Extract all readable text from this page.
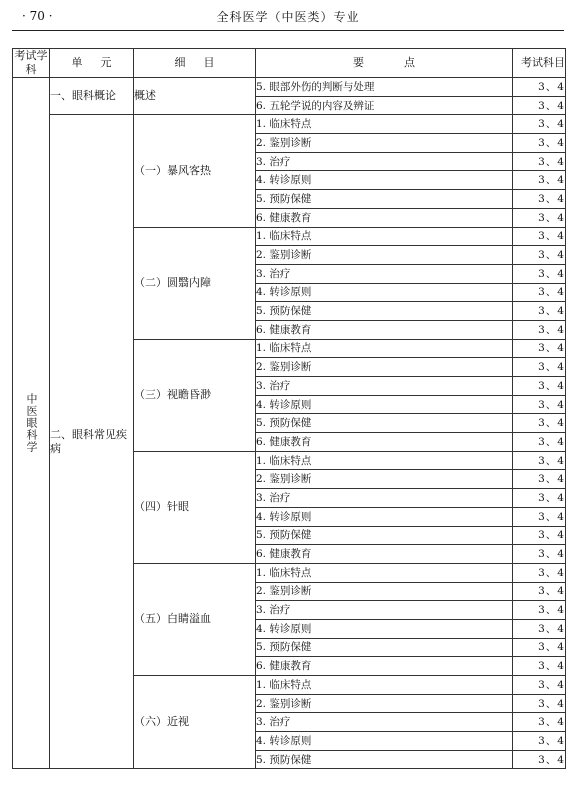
· 70 ·	全科医学（中医类）专业
考试学科	单元	细目	要点	考试科目
中医眼科学	一、眼科概论	概述	5. 眼部外伤的判断与处理	3、4
			6. 五轮学说的内容及辨证	3、4
	二、眼科常见疾病	（一）暴风客热	1. 临床特点	3、4
			2. 鉴别诊断	3、4
			3. 治疗	3、4
			4. 转诊原则	3、4
			5. 预防保健	3、4
			6. 健康教育	3、4
		（二）圆翳内障	1. 临床特点	3、4
			2. 鉴别诊断	3、4
			3. 治疗	3、4
			4. 转诊原则	3、4
			5. 预防保健	3、4
			6. 健康教育	3、4
		（三）视瞻昏渺	1. 临床特点	3、4
			2. 鉴别诊断	3、4
			3. 治疗	3、4
			4. 转诊原则	3、4
			5. 预防保健	3、4
			6. 健康教育	3、4
		（四）针眼	1. 临床特点	3、4
			2. 鉴别诊断	3、4
			3. 治疗	3、4
			4. 转诊原则	3、4
			5. 预防保健	3、4
			6. 健康教育	3、4
		（五）白睛溢血	1. 临床特点	3、4
			2. 鉴别诊断	3、4
			3. 治疗	3、4
			4. 转诊原则	3、4
			5. 预防保健	3、4
			6. 健康教育	3、4
		（六）近视	1. 临床特点	3、4
			2. 鉴别诊断	3、4
			3. 治疗	3、4
			4. 转诊原则	3、4
			5. 预防保健	3、4
